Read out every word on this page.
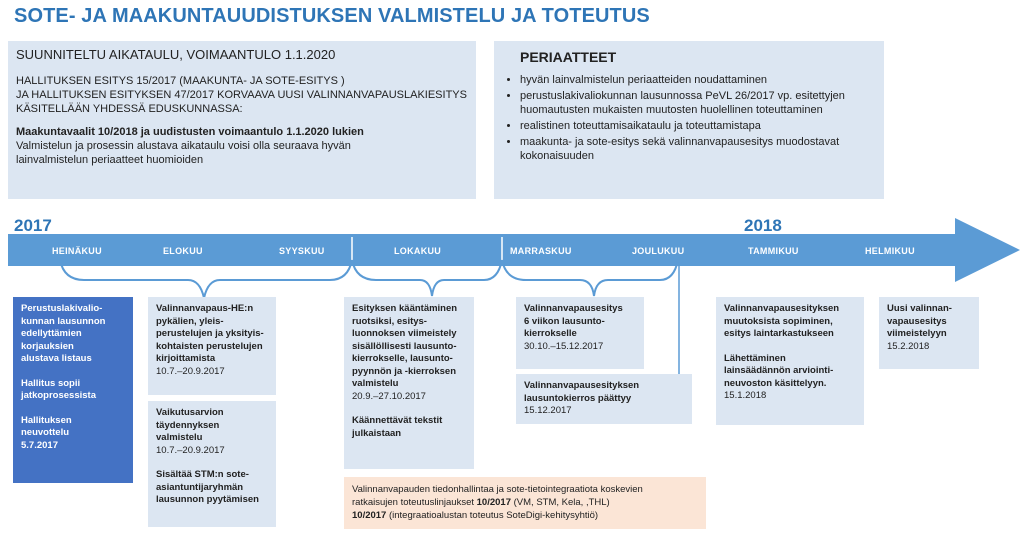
SOTE- JA MAAKUNTAUUDISTUKSEN VALMISTELU JA TOTEUTUS
SUUNNITELTU AIKATAULU, VOIMAANTULO 1.1.2020
HALLITUKSEN ESITYS 15/2017 (MAAKUNTA- JA SOTE-ESITYS )
JA HALLITUKSEN ESITYKSEN 47/2017 KORVAAVA UUSI VALINNANVAPAUSLAKIESITYS
KÄSITELLÄÄN YHDESSÄ EDUSKUNNASSA:
Maakuntavaalit 10/2018 ja uudistusten voimaantulo 1.1.2020 lukien
Valmistelun ja prosessin alustava aikataulu voisi olla seuraava hyvän
lainvalmistelun periaatteet huomioiden
PERIAATTEET
• hyvän lainvalmistelun periaatteiden noudattaminen
• perustuslakivaliokunnan lausunnossa PeVL 26/2017 vp. esitettyjen huomautusten mukaisten muutosten huolellinen toteuttaminen
• realistinen toteuttamisaikataulu ja toteuttamistapa
• maakunta- ja sote-esitys sekä valinnanvapausesitys muodostavat kokonaisuuden
2017	2018
HEINÄKUU	ELOKUU	SYYSKUU	LOKAKUU	MARRASKUU	JOULUKUU	TAMMIKUU	HELMIKUU
Perustuslakivalio-
kunnan lausunnon
edellyttämien
korjauksien
alustava listaus
Hallitus sopii
jatkoprosessista
Hallituksen
neuvottelu
5.7.2017
Valinnanvapaus-HE:n
pykälien, yleis-
perustelujen ja yksityis-
kohtaisten perustelujen
kirjoittamista
10.7.–20.9.2017
Vaikutusarvion
täydennyksen
valmistelu
10.7.–20.9.2017
Sisältää STM:n sote-
asiantuntijaryhmän
lausunnon pyytämisen
Esityksen kääntäminen
ruotsiksi, esitys-
luonnoksen viimeistely
sisällöllisesti lausunto-
kierrokselle, lausunto-
pyynnön ja -kierroksen
valmistelu
20.9.–27.10.2017
Käännettävät tekstit
julkaistaan
Valinnanvapausesitys
6 viikon lausunto-
kierrokselle
30.10.–15.12.2017
Valinnanvapausesityksen
lausuntokierros päättyy
15.12.2017
Valinnanvapausesityksen
muutoksista sopiminen,
esitys laintarkastukseen
Lähettäminen
lainsäädännön arviointi-
neuvoston käsittelyyn.
15.1.2018
Uusi valinnan-
vapausesitys
viimeistelyyn
15.2.2018
Valinnanvapauden tiedonhallintaa ja sote-tietointegraatiota koskevien
ratkaisujen toteutuslinjaukset 10/2017 (VM, STM, Kela, ,THL)
10/2017 (integraatioalustan toteutus SoteDigi-kehitysyhtiö)
